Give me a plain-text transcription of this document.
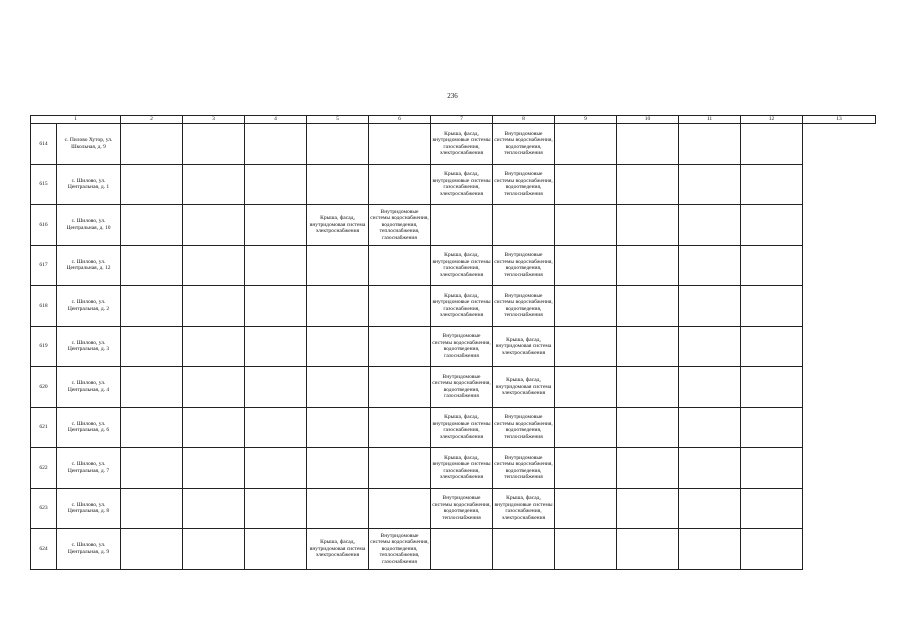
236
1		2	3	4	5	6	7	8	9	10	11	12	13
614	с. Пилово Хутор, ул. Школьная, д. 9						Крыша, фасад, внутридомовые системы газоснабжения, электроснабжения	Внутридомовые системы водоснабжения, водоотведения, теплоснабжения					
615	с. Шилово, ул. Центральная, д. 1						Крыша, фасад, внутридомовые системы газоснабжения, электроснабжения	Внутридомовые системы водоснабжения, водоотведения, теплоснабжения					
616	с. Шилово, ул. Центральная, д. 10				Крыша, фасад, внутридомовая система электроснабжения	Внутридомовые системы водоснабжения, водоотведения, теплоснабжения, газоснабжения							
617	с. Шилово, ул. Центральная, д. 12						Крыша, фасад, внутридомовые системы газоснабжения, электроснабжения	Внутридомовые системы водоснабжения, водоотведения, теплоснабжения					
618	с. Шилово, ул. Центральная, д. 2						Крыша, фасад, внутридомовые системы газоснабжения, электроснабжения	Внутридомовые системы водоснабжения, водоотведения, теплоснабжения					
619	с. Шилово, ул. Центральная, д. 3						Внутридомовые системы водоснабжения, водоотведения, газоснабжения	Крыша, фасад, внутридомовая система электроснабжения					
620	с. Шилово, ул. Центральная, д. 4						Внутридомовые системы водоснабжения, водоотведения, газоснабжения	Крыша, фасад, внутридомовая система электроснабжения					
621	с. Шилово, ул. Центральная, д. 6						Крыша, фасад, внутридомовые системы газоснабжения, электроснабжения	Внутридомовые системы водоснабжения, водоотведения, теплоснабжения					
622	с. Шилово, ул. Центральная, д. 7						Крыша, фасад, внутридомовые системы газоснабжения, электроснабжения	Внутридомовые системы водоснабжения, водоотведения, теплоснабжения					
623	с. Шилово, ул. Центральная, д. 8						Внутридомовые системы водоснабжения, водоотведения, теплоснабжения	Крыша, фасад, внутридомовые системы газоснабжения, электроснабжения					
624	с. Шилово, ул. Центральная, д. 9				Крыша, фасад, внутридомовая система электроснабжения	Внутридомовые системы водоснабжения, водоотведения, теплоснабжения, газоснабжения							
